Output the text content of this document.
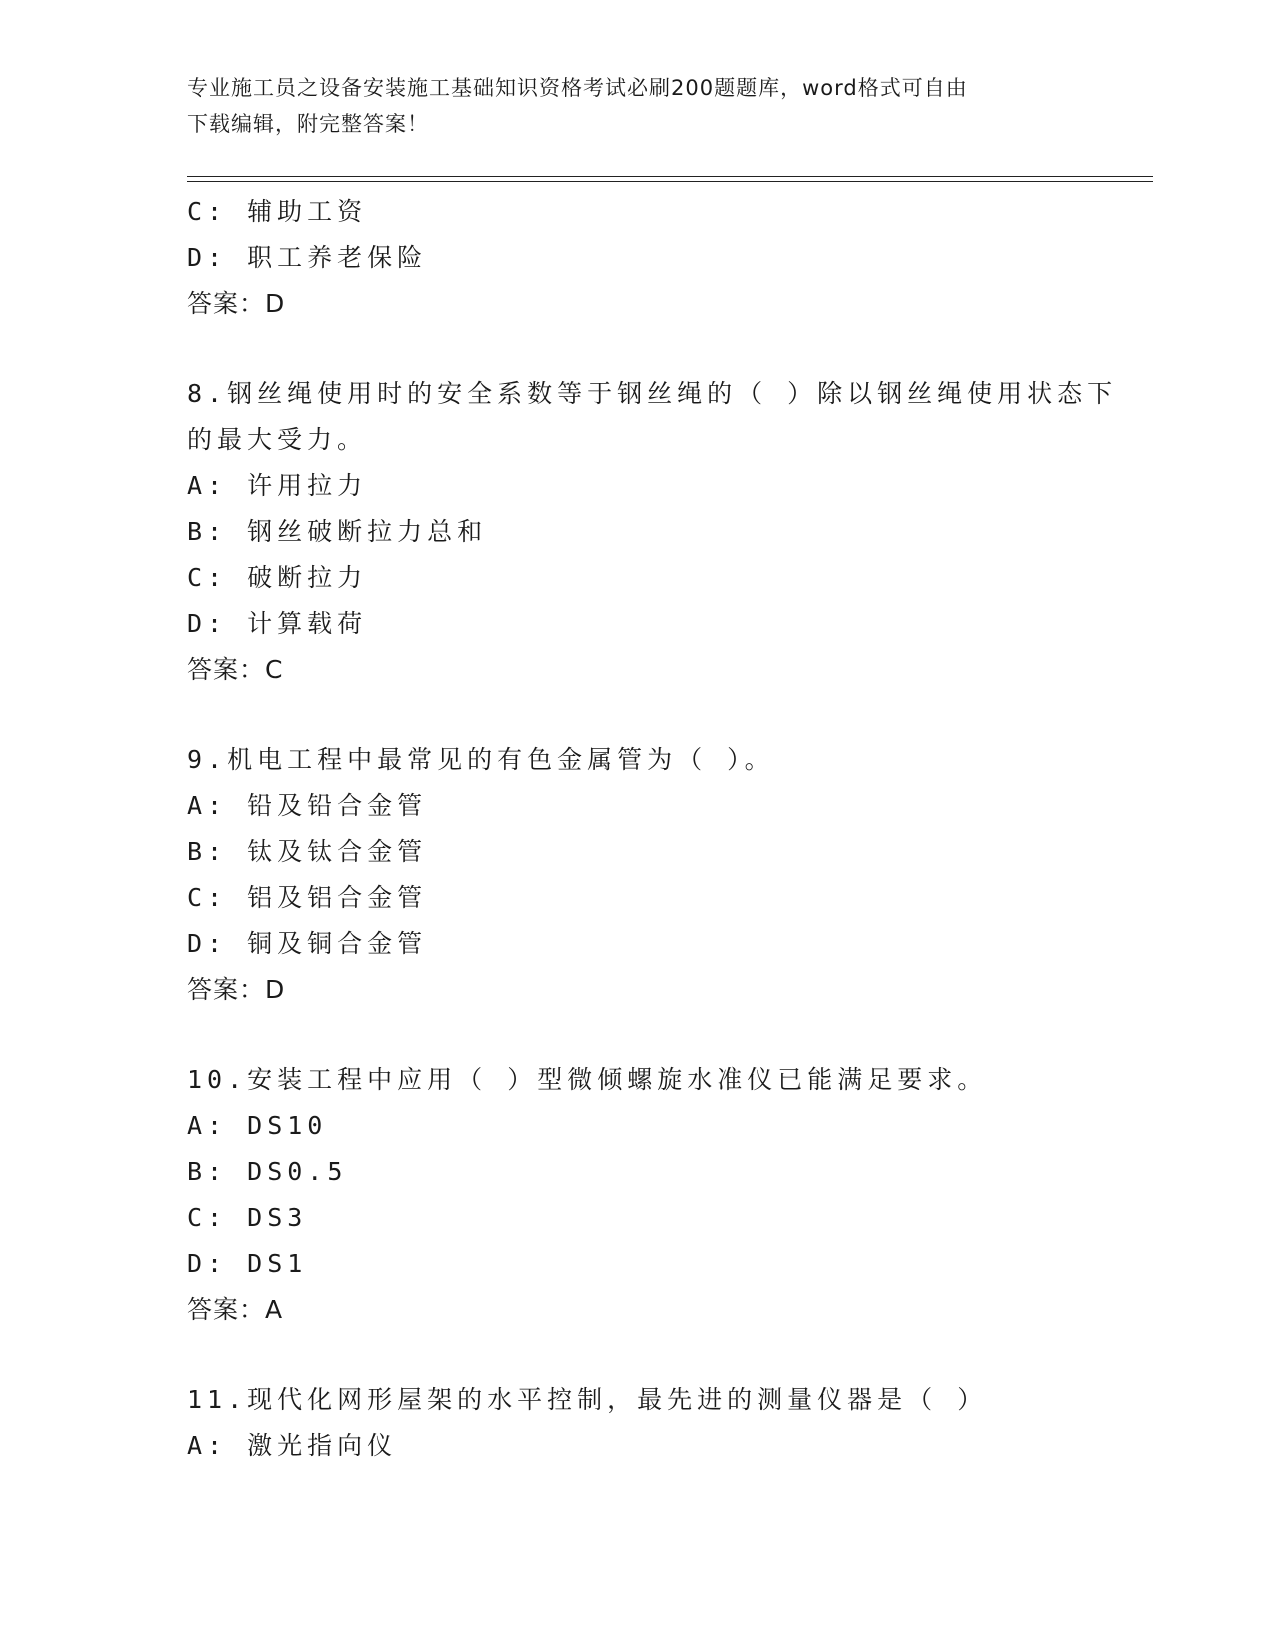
专业施工员之设备安装施工基础知识资格考试必刷200题题库，word格式可自由
下载编辑，附完整答案！
C: 辅助工资
D: 职工养老保险
答案：D
8.钢丝绳使用时的安全系数等于钢丝绳的（ ）除以钢丝绳使用状态下
的最大受力。
A: 许用拉力
B: 钢丝破断拉力总和
C: 破断拉力
D: 计算载荷
答案：C
9.机电工程中最常见的有色金属管为（ ）。
A: 铅及铅合金管
B: 钛及钛合金管
C: 铝及铝合金管
D: 铜及铜合金管
答案：D
10.安装工程中应用（ ）型微倾螺旋水准仪已能满足要求。
A: DS10
B: DS0.5
C: DS3
D: DS1
答案：A
11.现代化网形屋架的水平控制，最先进的测量仪器是（ ）
A: 激光指向仪
